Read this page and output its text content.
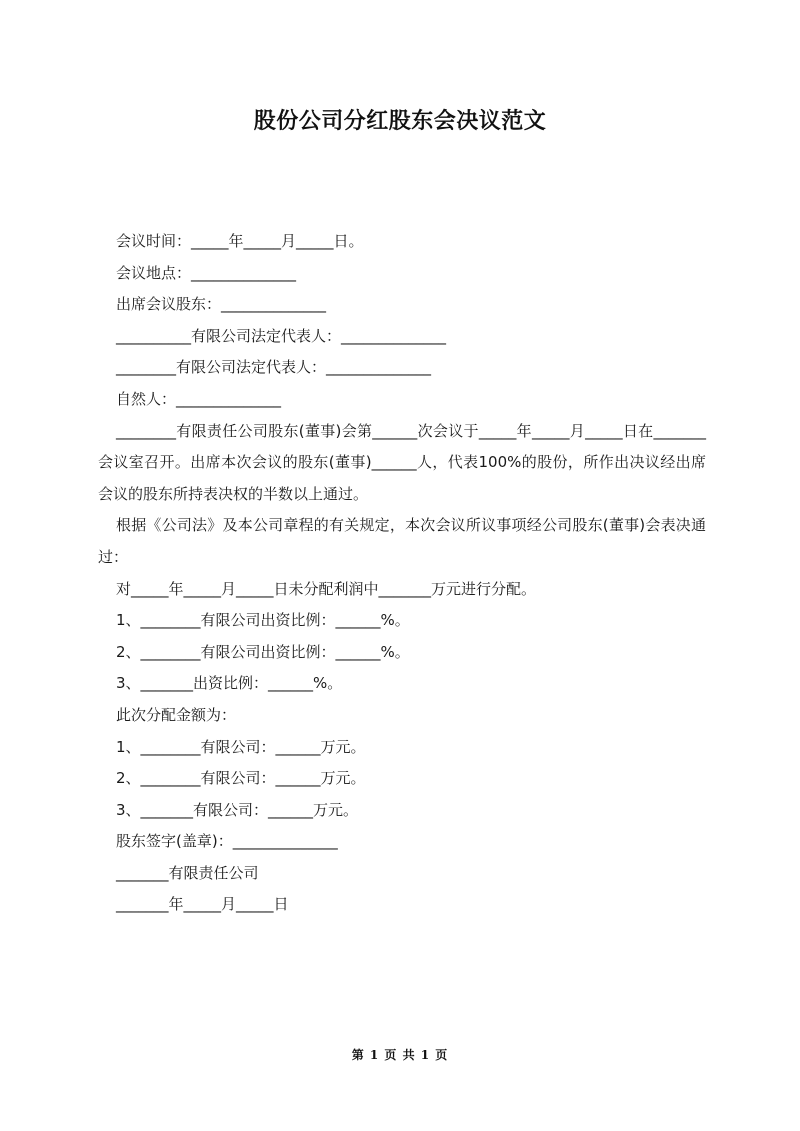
股份公司分红股东会决议范文

会议时间：_____年_____月_____日。

会议地点：______________

出席会议股东：______________

__________有限公司法定代表人：______________

________有限公司法定代表人：______________

自然人：______________

________有限责任公司股东(董事)会第______次会议于_____年_____月_____日在_______会议室召开。出席本次会议的股东(董事)______人，代表100%的股份，所作出决议经出席会议的股东所持表决权的半数以上通过。

根据《公司法》及本公司章程的有关规定，本次会议所议事项经公司股东(董事)会表决通过：

对_____年_____月_____日未分配利润中_______万元进行分配。

1、________有限公司出资比例：______%。

2、________有限公司出资比例：______%。

3、_______出资比例：______%。

此次分配金额为：

1、________有限公司：______万元。

2、________有限公司：______万元。

3、_______有限公司：______万元。

股东签字(盖章)：______________

_______有限责任公司

_______年_____月_____日

第 1 页 共 1 页
